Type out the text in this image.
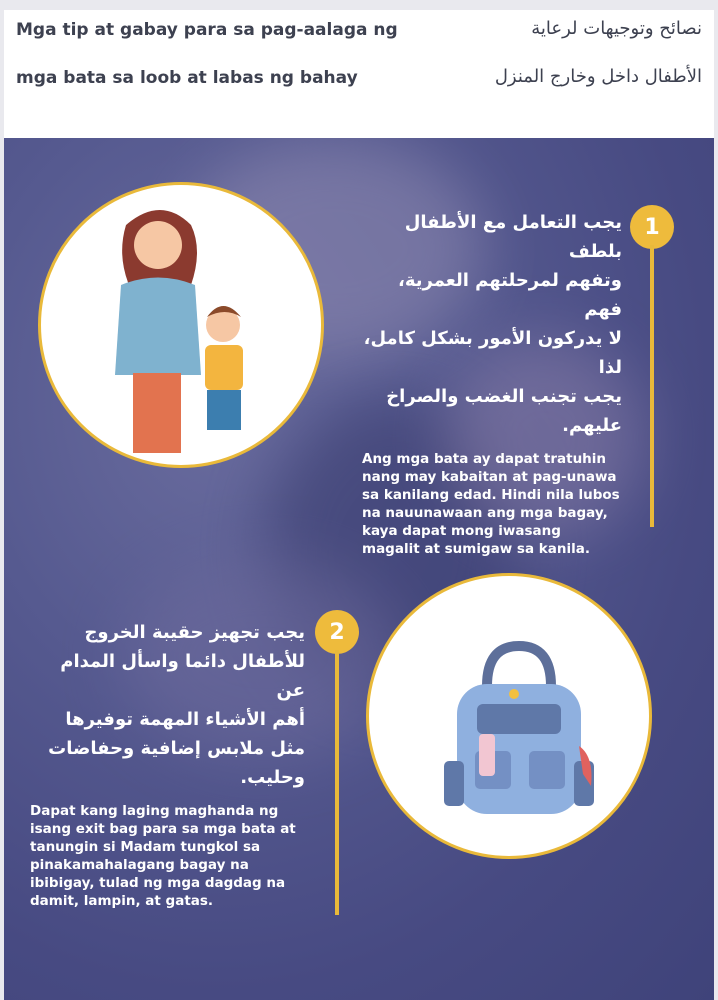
Mga tip at gabay para sa pag-aalaga ng
mga bata sa loob at labas ng bahay
نصائح وتوجيهات لرعاية
الأطفال داخل وخارج المنزل
1
يجب التعامل مع الأطفال بلطف
وتفهم لمرحلتهم العمرية، فهم
لا يدركون الأمور بشكل كامل، لذا
يجب تجنب الغضب والصراخ
عليهم.
Ang mga bata ay dapat tratuhin nang may kabaitan at pag-unawa sa kanilang edad. Hindi nila lubos na nauunawaan ang mga bagay, kaya dapat mong iwasang magalit at sumigaw sa kanila.
2
يجب تجهيز حقيبة الخروج
للأطفال دائما واسأل المدام عن
أهم الأشياء المهمة توفيرها
مثل ملابس إضافية وحفاضات
وحليب.
Dapat kang laging maghanda ng isang exit bag para sa mga bata at tanungin si Madam tungkol sa pinakamahalagang bagay na ibibigay, tulad ng mga dagdag na damit, lampin, at gatas.
